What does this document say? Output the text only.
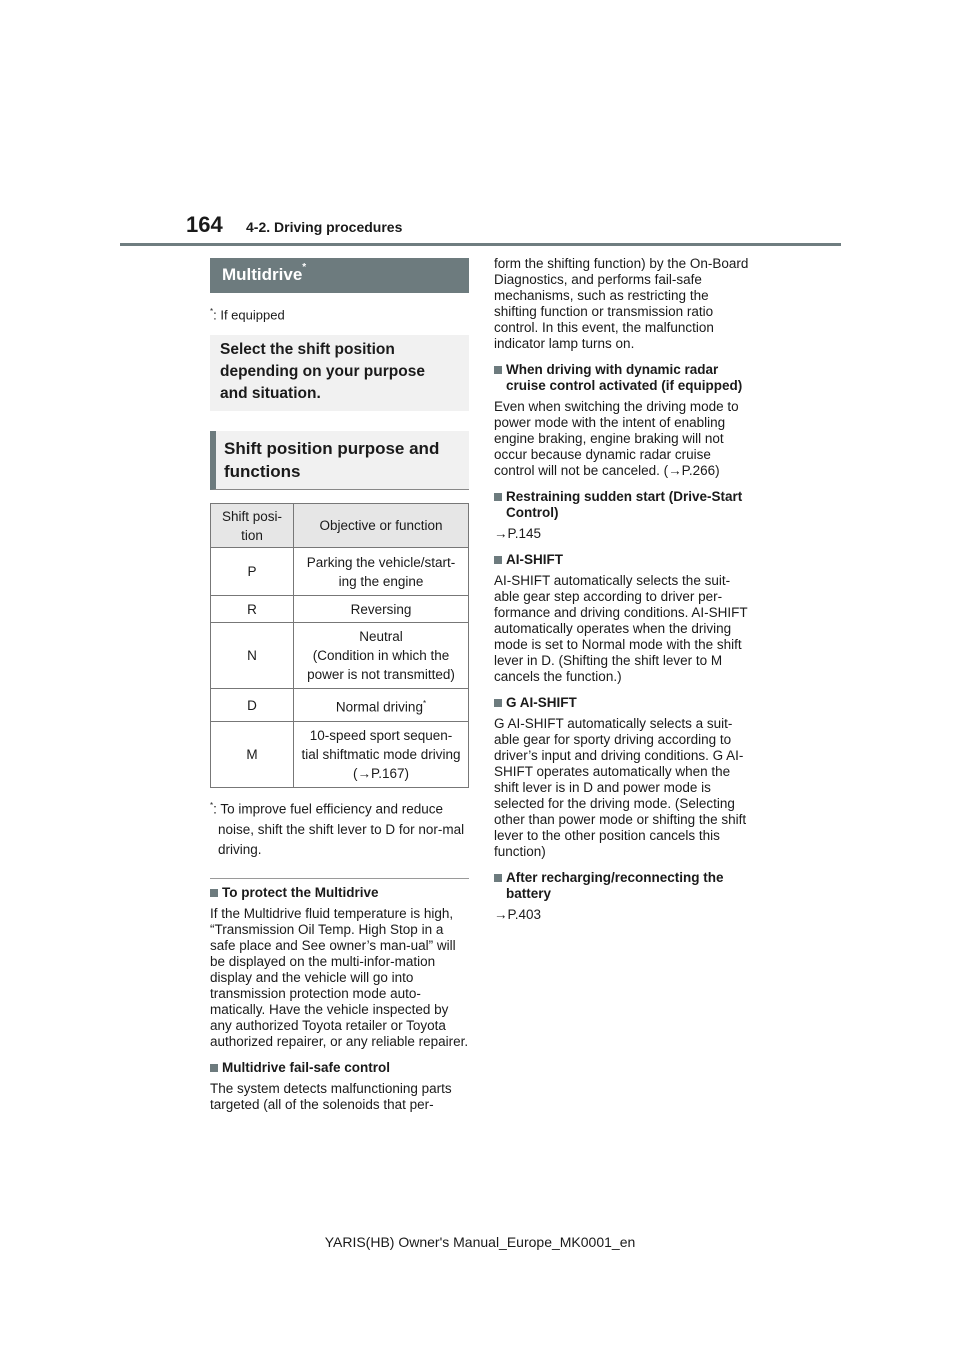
164 4-2. Driving procedures
Multidrive*
*: If equipped
Select the shift position
depending on your purpose
and situation.
Shift position purpose and
functions
Shift posi-
tion	Objective or function
P	Parking the vehicle/start-
ing the engine

R	Reversing

N	Neutral
(Condition in which the
power is not transmitted)

D	Normal driving*
M	10-speed sport sequen-
tial shiftmatic mode driving
(→P.167)
*: To improve fuel efficiency and reduce noise, shift the shift lever to D for nor-mal driving.
To protect the Multidrive
If the Multidrive fluid temperature is high, “Transmission Oil Temp. High Stop in a safe place and See owner’s man-ual” will be displayed on the multi-infor-mation display and the vehicle will go into transmission protection mode auto-matically. Have the vehicle inspected by any authorized Toyota retailer or Toyota authorized repairer, or any reliable repairer.
Multidrive fail-safe control
The system detects malfunctioning parts targeted (all of the solenoids that per-
form the shifting function) by the On-Board Diagnostics, and performs fail-safe mechanisms, such as restricting the shifting function or transmission ratio control. In this event, the malfunction indicator lamp turns on.
When driving with dynamic radar cruise control activated (if equipped)
Even when switching the driving mode to power mode with the intent of enabling engine braking, engine braking will not occur because dynamic radar cruise control will not be canceled. (→P.266)
Restraining sudden start (Drive-Start Control)
→P.145
AI-SHIFT
AI-SHIFT automatically selects the suit-able gear step according to driver per-formance and driving conditions. AI-SHIFT automatically operates when the driving mode is set to Normal mode with the shift lever in D. (Shifting the shift lever to M cancels the function.)
G AI-SHIFT
G AI-SHIFT automatically selects a suit-able gear for sporty driving according to driver’s input and driving conditions. G AI-SHIFT operates automatically when the shift lever is in D and power mode is selected for the driving mode. (Selecting other than power mode or shifting the shift lever to the other position cancels this function)
After recharging/reconnecting the battery
→P.403
YARIS(HB) Owner's Manual_Europe_MK0001_en
